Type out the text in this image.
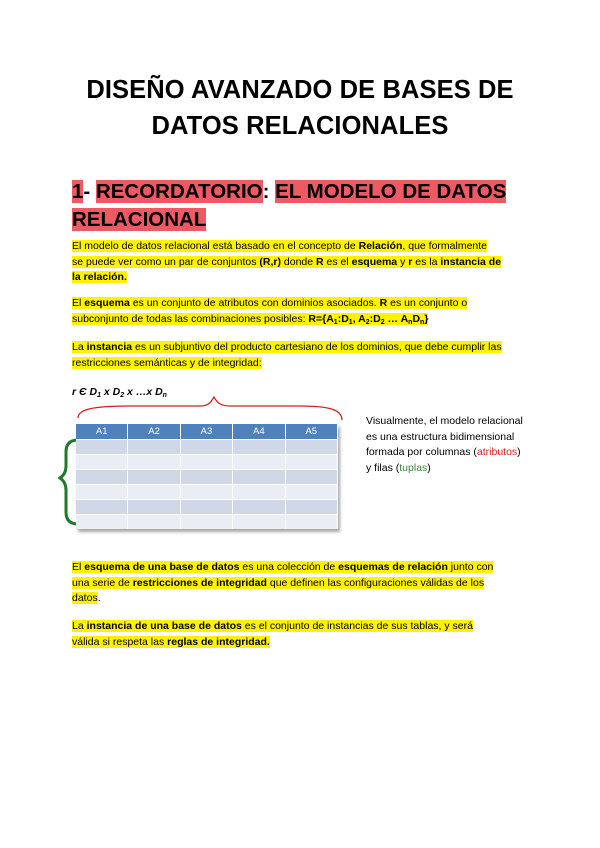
DISEÑO AVANZADO DE BASES DE
DATOS RELACIONALES
1- RECORDATORIO: EL MODELO DE DATOS
RELACIONAL
El modelo de datos relacional está basado en el concepto de Relación, que formalmente
se puede ver como un par de conjuntos (R,r) donde R es el esquema y r es la instancia de
la relación.
El esquema es un conjunto de atributos con dominios asociados. R es un conjunto o
subconjunto de todas las combinaciones posibles: $R=\{A_1:D_1$, $A_2:D_2$ … $A_nD_n$}
La instancia es un subjuntivo del producto cartesiano de los dominios, que debe cumplir las
restricciones semánticas y de integridad:
r Є $D_1$ x $D_2$ x …x $D_n$
A1	A2	A3	A4	A5

Visualmente, el modelo relacional es una estructura bidimensional formada por columnas (atributos) y filas (tuplas)
El esquema de una base de datos es una colección de esquemas de relación junto con
una serie de restricciones de integridad que definen las configuraciones válidas de los
datos.
La instancia de una base de datos es el conjunto de instancias de sus tablas, y será
válida si respeta las reglas de integridad.
